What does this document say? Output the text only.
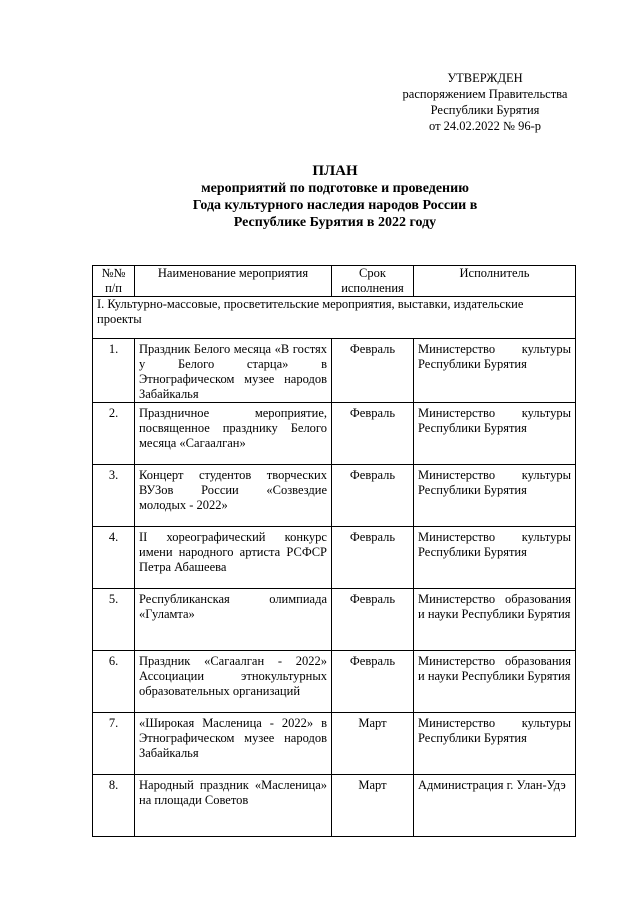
УТВЕРЖДЕН
распоряжением Правительства
Республики Бурятия
от 24.02.2022 № 96-р
ПЛАН
мероприятий по подготовке и проведению
Года культурного наследия народов России в
Республике Бурятия в 2022 году
№№ п/п	Наименование мероприятия	Срок исполнения	Исполнитель
I. Культурно-массовые, просветительские мероприятия, выставки, издательские проекты			
1.	Праздник Белого месяца «В гостях у Белого старца» в Этнографическом музее народов Забайкалья	Февраль	Министерство культуры Республики Бурятия
2.	Праздничное мероприятие, посвященное празднику Белого месяца «Сагаалган»	Февраль	Министерство культуры Республики Бурятия
3.	Концерт студентов творческих ВУЗов России «Созвездие молодых - 2022»	Февраль	Министерство культуры Республики Бурятия
4.	II хореографический конкурс имени народного артиста РСФСР Петра Абашеева	Февраль	Министерство культуры Республики Бурятия
5.	Республиканская олимпиада «Гуламта»	Февраль	Министерство образования и науки Республики Бурятия
6.	Праздник «Сагаалган - 2022» Ассоциации этнокультурных образовательных организаций	Февраль	Министерство образования и науки Республики Бурятия
7.	«Широкая Масленица - 2022» в Этнографическом музее народов Забайкалья	Март	Министерство культуры Республики Бурятия
8.	Народный праздник «Масленица» на площади Советов	Март	Администрация г. Улан-Удэ
